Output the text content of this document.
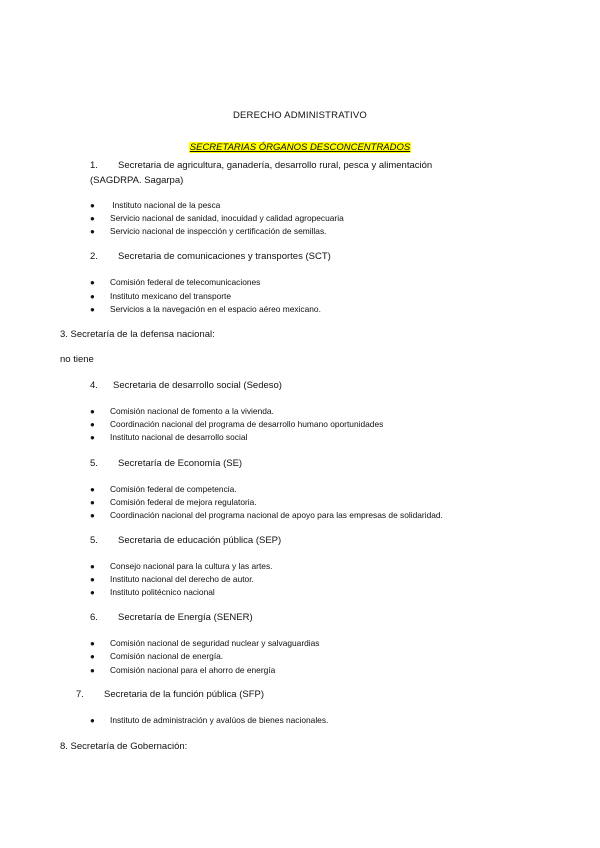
DERECHO ADMINISTRATIVO
SECRETARIAS ÓRGANOS DESCONCENTRADOS
1. Secretaria de agricultura, ganadería, desarrollo rural, pesca y alimentación
(SAGDRPA. Sagarpa)
● Instituto nacional de la pesca
● Servicio nacional de sanidad, inocuidad y calidad agropecuaria
● Servicio nacional de inspección y certificación de semillas.
2. Secretaria de comunicaciones y transportes (SCT)
● Comisión federal de telecomunicaciones
● Instituto mexicano del transporte
● Servicios a la navegación en el espacio aéreo mexicano.
3. Secretaría de la defensa nacional:
no tiene
4. Secretaria de desarrollo social (Sedeso)
● Comisión nacional de fomento a la vivienda.
● Coordinación nacional del programa de desarrollo humano oportunidades
● Instituto nacional de desarrollo social
5. Secretaría de Economía (SE)
● Comisión federal de competencia.
● Comisión federal de mejora regulatoria.
● Coordinación nacional del programa nacional de apoyo para las empresas de solidaridad.
5. Secretaria de educación pública (SEP)
● Consejo nacional para la cultura y las artes.
● Instituto nacional del derecho de autor.
● Instituto politécnico nacional
6. Secretaría de Energía (SENER)
● Comisión nacional de seguridad nuclear y salvaguardias
● Comisión nacional de energía.
● Comisión nacional para el ahorro de energía
7. Secretaria de la función pública (SFP)
● Instituto de administración y avalúos de bienes nacionales.
8. Secretaría de Gobernación:
